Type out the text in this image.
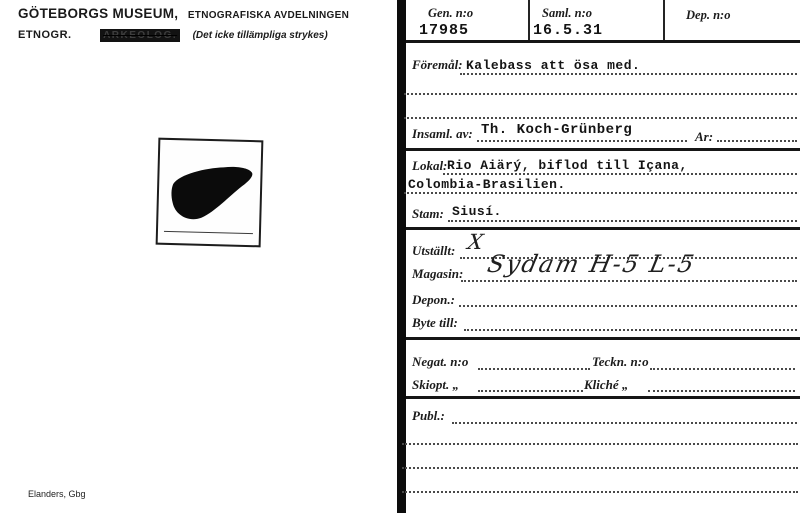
GÖTEBORGS MUSEUM, ETNOGRAFISKA AVDELNINGEN
ETNOGR.	ARKEOLOG. (Det icke tillämpliga strykes)
Elanders, Gbg
Gen. n:o
17985
Saml. n:o
16.5.31
Dep. n:o
Föremål: Kalebass att ösa med.
Insaml. av: Th. Koch-Grünberg	Ar:
Lokal: Rio Aiärý, biflod till Içana,
Colombia-Brasilien.
Stam: Siusí.
Utställt: X
Magasin: Sydam H-5 L-5
Depon.:
Byte till:
Negat. n:o	Teckn. n:o
Skiopt. „	Kliché „
Publ.:
